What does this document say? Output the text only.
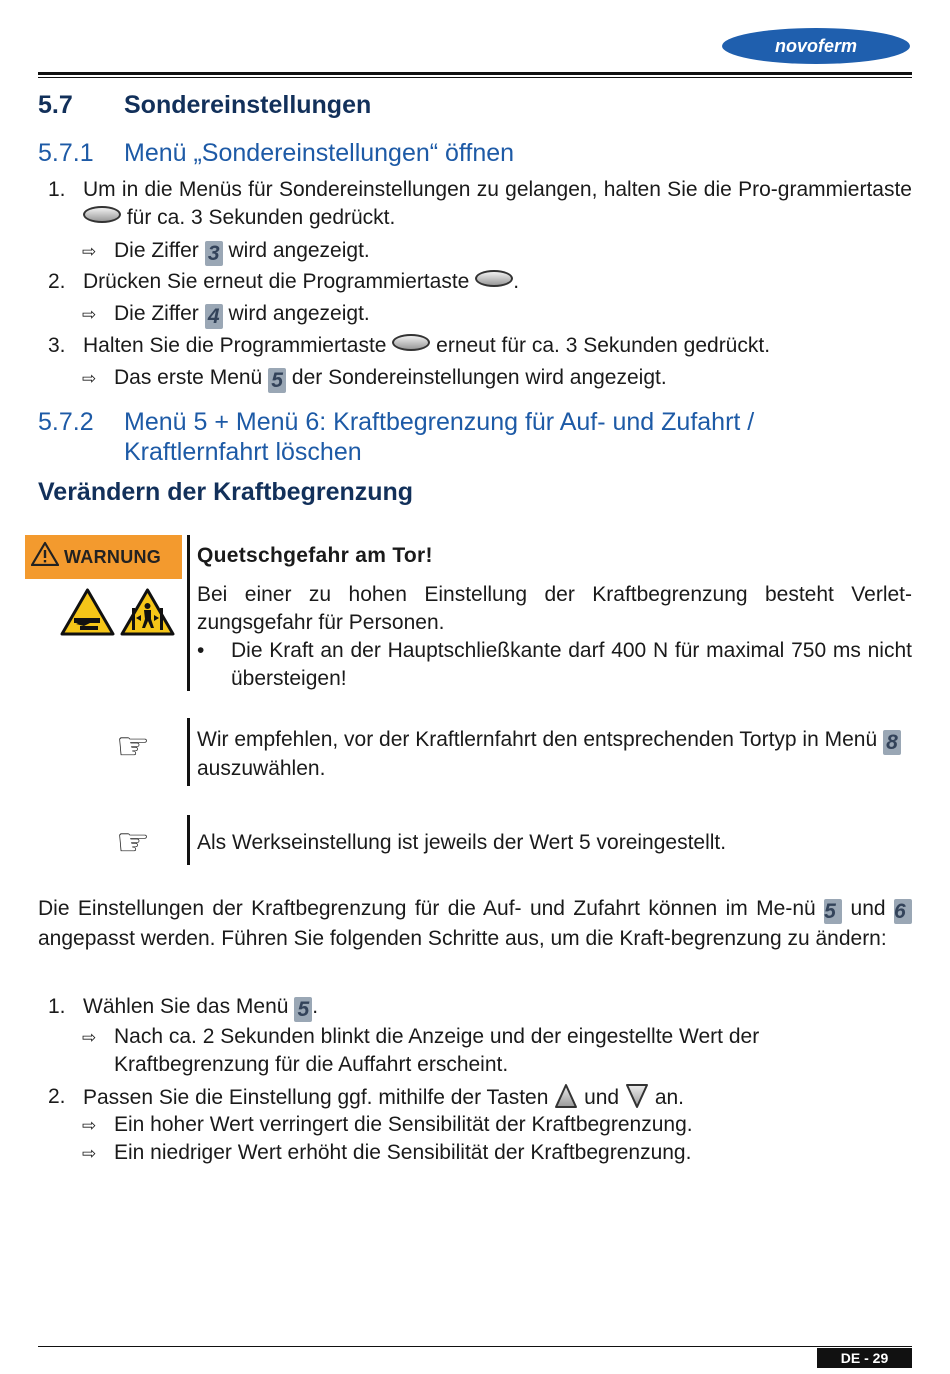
novoferm
5.7 Sondereinstellungen
5.7.1 Menü „Sondereinstellungen“ öffnen
1. Um in die Menüs für Sondereinstellungen zu gelangen, halten Sie die Pro-grammiertaste  für ca. 3 Sekunden gedrückt.
⇨ Die Ziffer 3 wird angezeigt.
2. Drücken Sie erneut die Programmiertaste .
⇨ Die Ziffer 4 wird angezeigt.
3. Halten Sie die Programmiertaste erneut für ca. 3 Sekunden gedrückt.
⇨ Das erste Menü 5 der Sondereinstellungen wird angezeigt.
5.7.2 Menü 5 + Menü 6: Kraftbegrenzung für Auf- und Zufahrt /
Kraftlernfahrt löschen
Verändern der Kraftbegrenzung
WARNUNG Quetschgefahr am Tor!
Bei einer zu hohen Einstellung der Kraftbegrenzung besteht Verlet-zungsgefahr für Personen.
• Die Kraft an der Hauptschließkante darf 400 N für maximal 750 ms nicht übersteigen!
☞ Wir empfehlen, vor der Kraftlernfahrt den entsprechenden Tortyp in Menü 8 auszuwählen.
☞ Als Werkseinstellung ist jeweils der Wert 5 voreingestellt.
Die Einstellungen der Kraftbegrenzung für die Auf- und Zufahrt können im Me-nü 5 und 6 angepasst werden. Führen Sie folgenden Schritte aus, um die Kraft-begrenzung zu ändern:
1. Wählen Sie das Menü 5 .
⇨ Nach ca. 2 Sekunden blinkt die Anzeige und der eingestellte Wert der Kraftbegrenzung für die Auffahrt erscheint.
2. Passen Sie die Einstellung ggf. mithilfe der Tasten und an.
⇨ Ein hoher Wert verringert die Sensibilität der Kraftbegrenzung.
⇨ Ein niedriger Wert erhöht die Sensibilität der Kraftbegrenzung.
DE - 29
